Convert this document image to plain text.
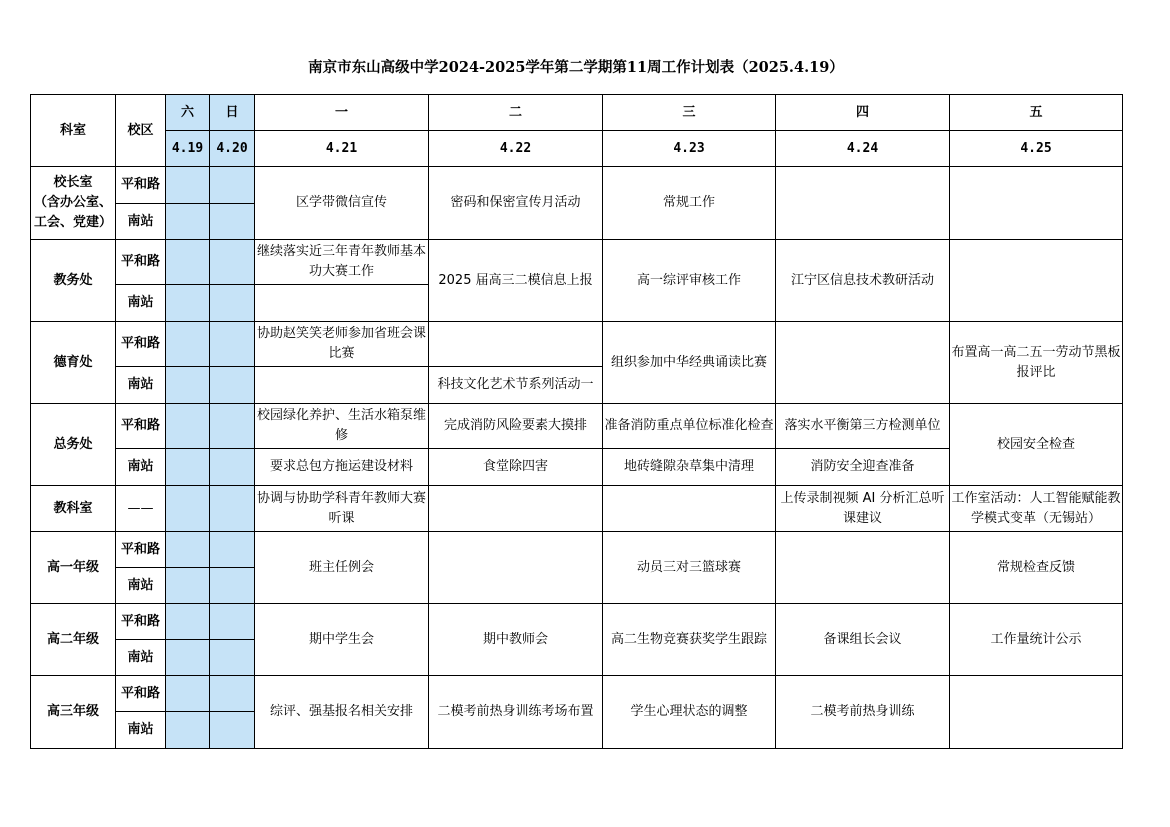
南京市东山高级中学2024-2025学年第二学期第11周工作计划表（2025.4.19）
科室	校区	六	日	一	二	三	四	五
		4.19	4.20	4.21	4.22	4.23	4.24	4.25
校长室
（含办公室、
工会、党建）	平和路			区学带微信宣传	密码和保密宣传月活动	常规工作		
	南站							
教务处	平和路			继续落实近三年青年教师基本功大赛工作	2025 届高三二模信息上报	高一综评审核工作	江宁区信息技术教研活动	
	南站							
德育处	平和路			协助赵笑笑老师参加省班会课比赛		组织参加中华经典诵读比赛		布置高一高二五一劳动节黑板报评比
	南站				科技文化艺术节系列活动一			
总务处	平和路			校园绿化养护、生活水箱泵维修	完成消防风险要素大摸排	准备消防重点单位标准化检查	落实水平衡第三方检测单位	校园安全检查
	南站			要求总包方拖运建设材料	食堂除四害	地砖缝隙杂草集中清理	消防安全迎查准备	
教科室	——			协调与协助学科青年教师大赛听课			上传录制视频 AI 分析汇总听课建议	工作室活动：人工智能赋能教学模式变革（无锡站）
高一年级	平和路			班主任例会		动员三对三篮球赛		常规检查反馈
	南站							
高二年级	平和路			期中学生会	期中教师会	高二生物竞赛获奖学生跟踪	备课组长会议	工作量统计公示
	南站							
高三年级	平和路			综评、强基报名相关安排	二模考前热身训练考场布置	学生心理状态的调整	二模考前热身训练	
	南站							
